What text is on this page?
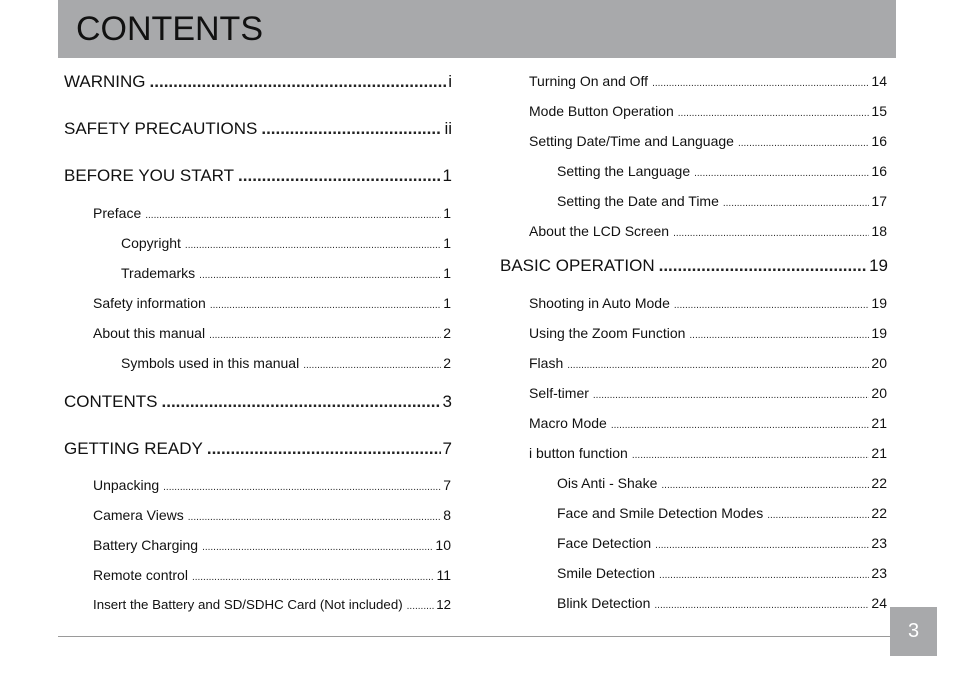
CONTENTS
WARNING .....	i
SAFETY PRECAUTIONS .....	ii
BEFORE YOU START .....	1
Preface .....	1
Copyright .....	1
Trademarks .....	1
Safety information .....	1
About this manual .....	2
Symbols used in this manual .....	2
CONTENTS .....	3
GETTING READY .....	7
Unpacking .....	7
Camera Views .....	8
Battery Charging .....	10
Remote control .....	11
Insert the Battery and SD/SDHC Card (Not included) .....	12
Turning On and Off .....	14
Mode Button Operation .....	15
Setting Date/Time and Language .....	16
Setting the Language .....	16
Setting the Date and Time .....	17
About the LCD Screen .....	18
BASIC OPERATION .....	19
Shooting in Auto Mode .....	19
Using the Zoom Function .....	19
Flash .....	20
Self-timer .....	20
Macro Mode .....	21
i button function .....	21
Ois Anti - Shake .....	22
Face and Smile Detection Modes .....	22
Face Detection .....	23
Smile Detection .....	23
Blink Detection .....	24
3
